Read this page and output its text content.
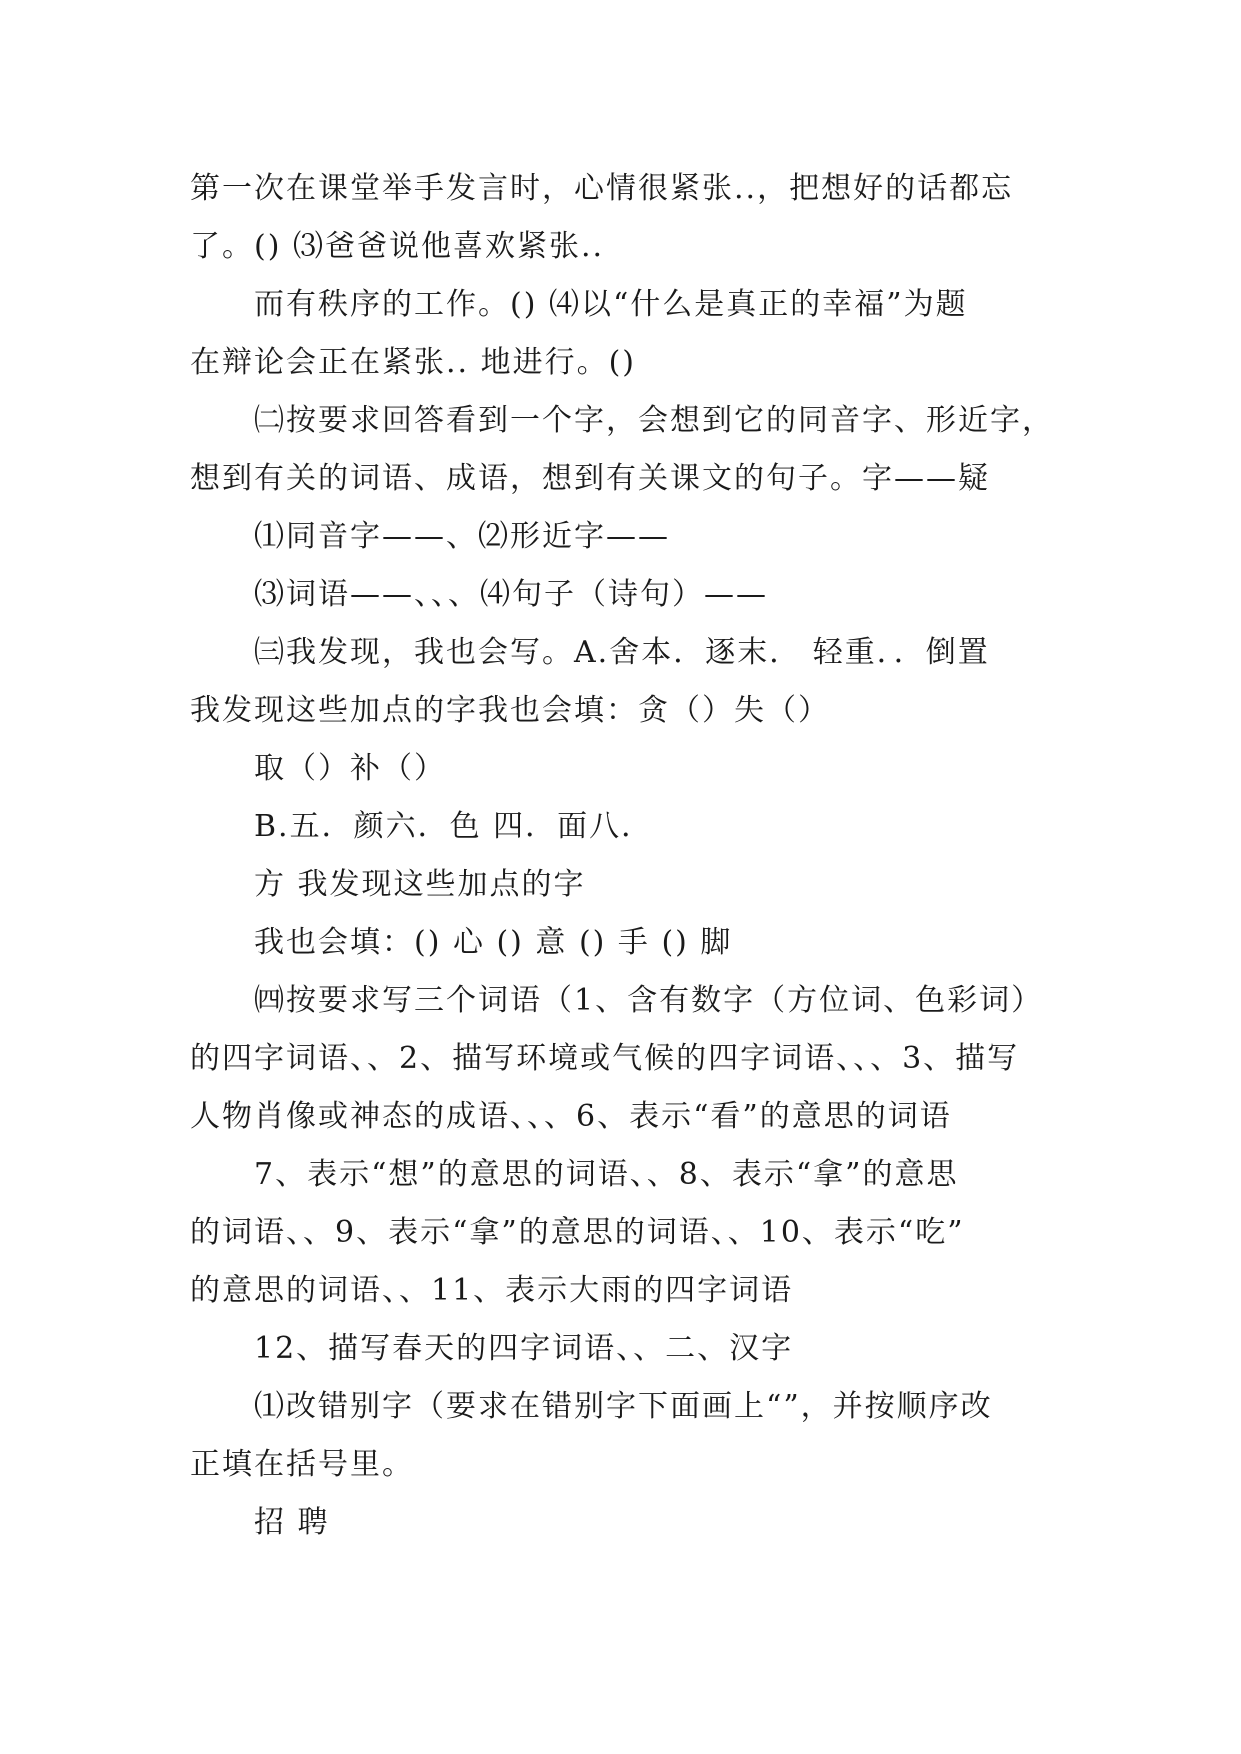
第一次在课堂举手发言时，心情很紧张..，把想好的话都忘
了。() ⑶爸爸说他喜欢紧张..
而有秩序的工作。() ⑷以“什么是真正的幸福”为题
在辩论会正在紧张.. 地进行。()
㈡按要求回答看到一个字，会想到它的同音字、形近字，
想到有关的词语、成语，想到有关课文的句子。字——疑
⑴同音字——、⑵形近字——
⑶词语——、、、⑷句子（诗句）——
㈢我发现，我也会写。A.舍本．逐末． 轻重．．倒置
我发现这些加点的字我也会填：贪（）失（）
取（）补（）
B.五．颜六．色 四．面八．
方 我发现这些加点的字
我也会填：() 心 () 意 () 手 () 脚
㈣按要求写三个词语（1、含有数字（方位词、色彩词）
的四字词语、、2、描写环境或气候的四字词语、、、3、描写
人物肖像或神态的成语、、、6、表示“看”的意思的词语
7、表示“想”的意思的词语、、8、表示“拿”的意思
的词语、、9、表示“拿”的意思的词语、、10、表示“吃”
的意思的词语、、11、表示大雨的四字词语
12、描写春天的四字词语、、二、汉字
⑴改错别字（要求在错别字下面画上“”，并按顺序改
正填在括号里。
招 聘
